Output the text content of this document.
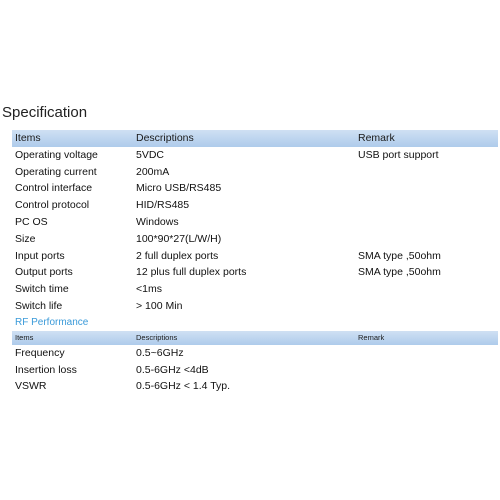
Specification
Items	Descriptions	Remark
Operating voltage	5VDC	USB port support
Operating current	200mA
Control interface	Micro USB/RS485
Control protocol	HID/RS485
PC OS	Windows
Size	100*90*27(L/W/H)
Input ports	2 full duplex ports	SMA type ,50ohm
Output ports	12 plus full duplex ports	SMA type ,50ohm
Switch time	<1ms
Switch life	> 100 Min
RF Performance
Items	Descriptions	Remark
Frequency	0.5~6GHz
Insertion loss	0.5-6GHz <4dB
VSWR	0.5-6GHz < 1.4 Typ.
